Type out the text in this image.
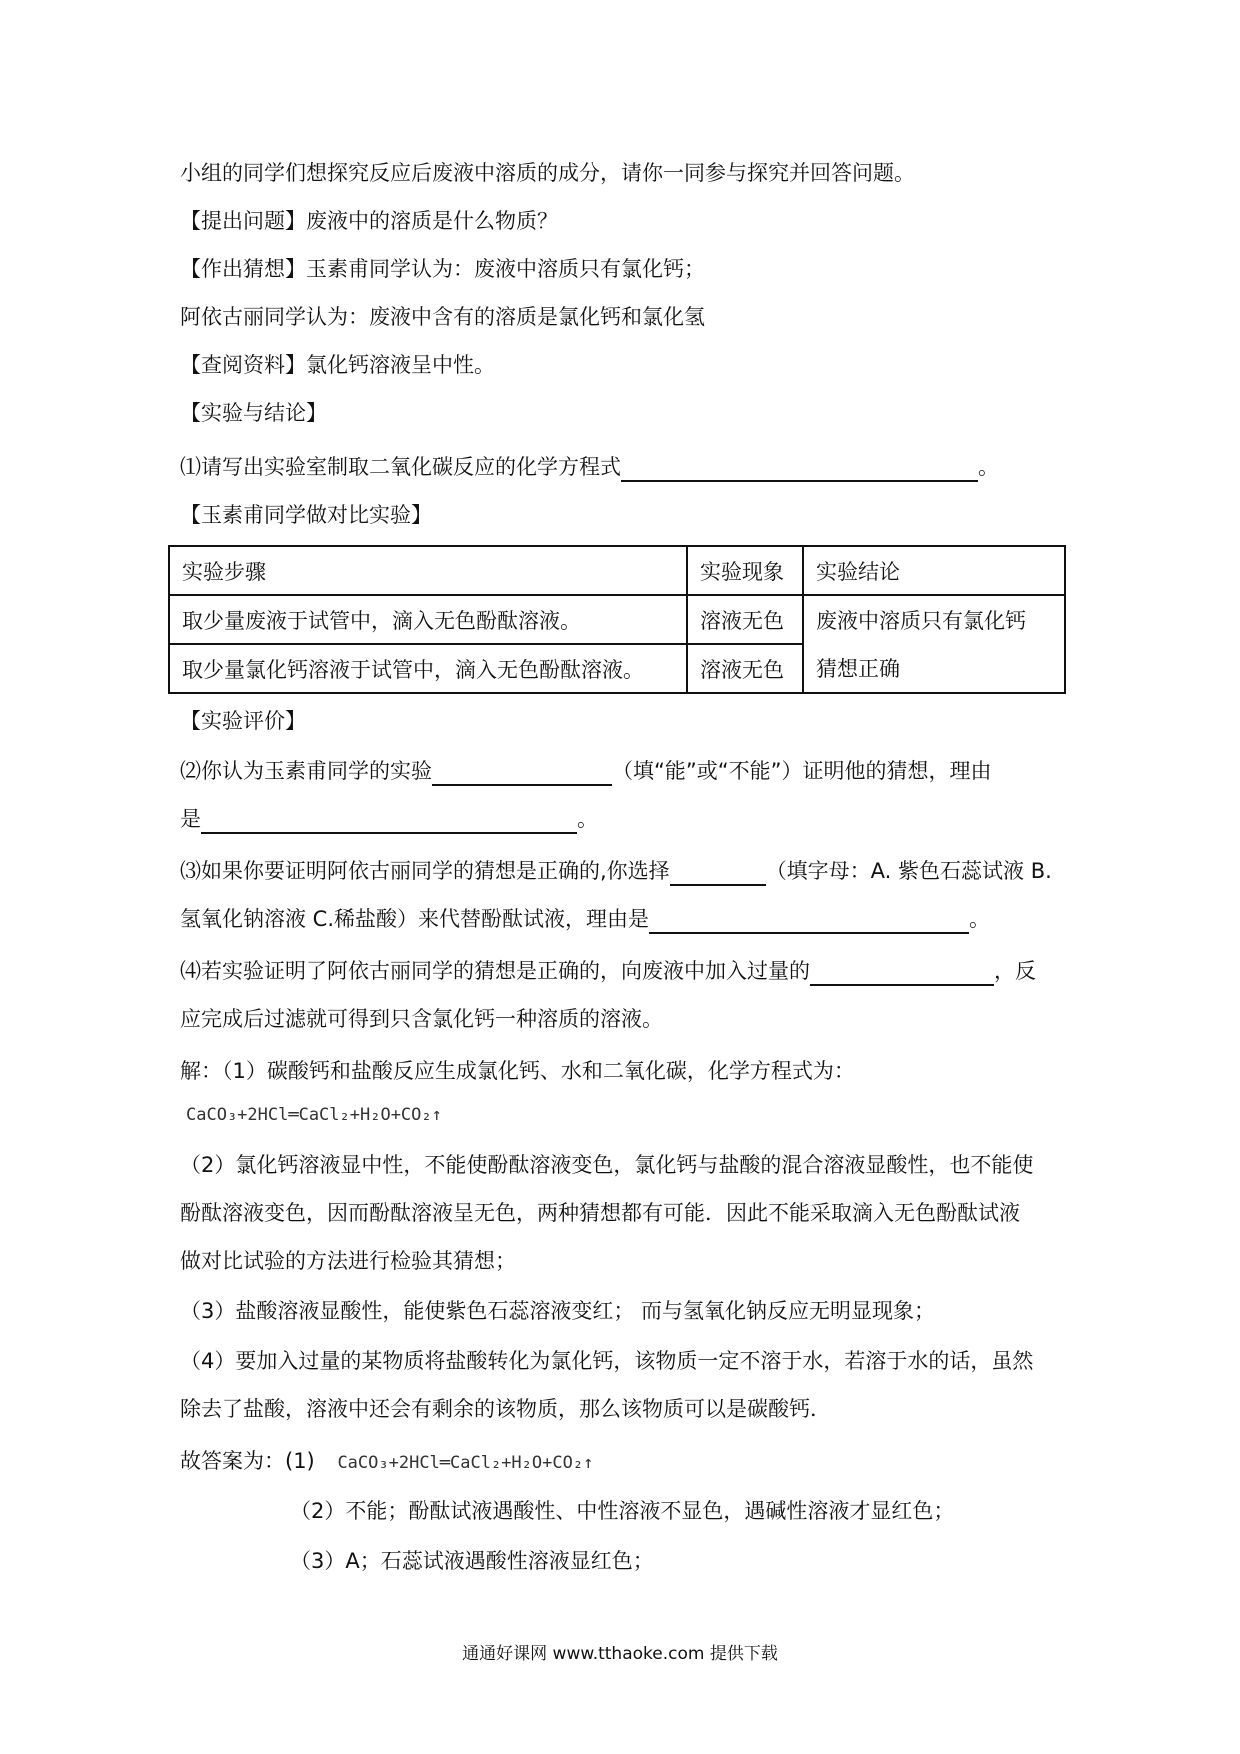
小组的同学们想探究反应后废液中溶质的成分，请你一同参与探究并回答问题。
【提出问题】废液中的溶质是什么物质？
【作出猜想】玉素甫同学认为：废液中溶质只有氯化钙；
阿依古丽同学认为：废液中含有的溶质是氯化钙和氯化氢
【查阅资料】氯化钙溶液呈中性。
【实验与结论】
⑴请写出实验室制取二氧化碳反应的化学方程式	。
【玉素甫同学做对比实验】
实验步骤	实验现象	实验结论
取少量废液于试管中，滴入无色酚酞溶液。	溶液无色	废液中溶质只有氯化钙
取少量氯化钙溶液于试管中，滴入无色酚酞溶液。	溶液无色	猜想正确
【实验评价】
⑵你认为玉素甫同学的实验	（填“能”或“不能”）证明他的猜想，理由
是	。
⑶如果你要证明阿依古丽同学的猜想是正确的,你选择	（填字母：A. 紫色石蕊试液 B.
氢氧化钠溶液 C.稀盐酸）来代替酚酞试液，理由是	。
⑷若实验证明了阿依古丽同学的猜想是正确的，向废液中加入过量的	，反
应完成后过滤就可得到只含氯化钙一种溶质的溶液。
解：（1）碳酸钙和盐酸反应生成氯化钙、水和二氧化碳，化学方程式为：
CaCO₃+2HCl═CaCl₂+H₂O+CO₂↑
（2）氯化钙溶液显中性，不能使酚酞溶液变色，氯化钙与盐酸的混合溶液显酸性，也不能使
酚酞溶液变色，因而酚酞溶液呈无色，两种猜想都有可能．因此不能采取滴入无色酚酞试液
做对比试验的方法进行检验其猜想；
（3）盐酸溶液显酸性，能使紫色石蕊溶液变红； 而与氢氧化钠反应无明显现象；
（4）要加入过量的某物质将盐酸转化为氯化钙，该物质一定不溶于水，若溶于水的话，虽然
除去了盐酸，溶液中还会有剩余的该物质，那么该物质可以是碳酸钙．
故答案为：(1) CaCO₃+2HCl═CaCl₂+H₂O+CO₂↑
（2）不能；酚酞试液遇酸性、中性溶液不显色，遇碱性溶液才显红色；
（3）A；石蕊试液遇酸性溶液显红色；
通通好课网 www.tthaoke.com 提供下载
